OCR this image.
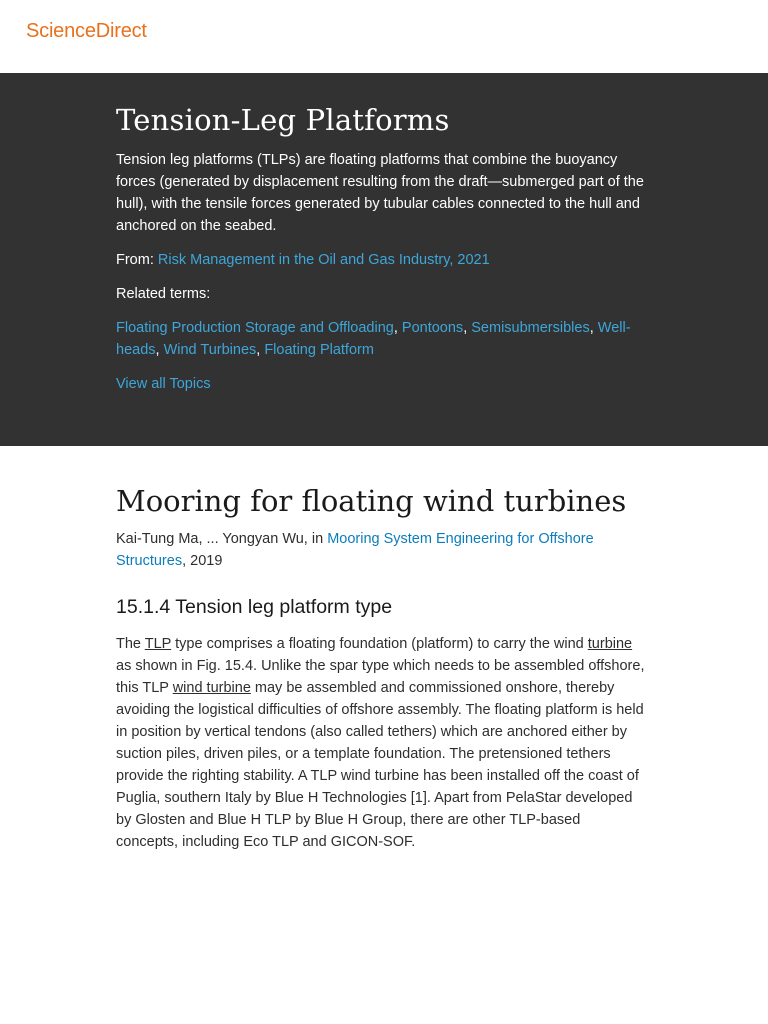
ScienceDirect
Tension-Leg Platforms

Tension leg platforms (TLPs) are floating platforms that combine the buoyancy forces (generated by displacement resulting from the draft—submerged part of the hull), with the tensile forces generated by tubular cables connected to the hull and anchored on the seabed.

From: Risk Management in the Oil and Gas Industry, 2021

Related terms:

Floating Production Storage and Offloading, Pontoons, Semisubmersibles, Well-heads, Wind Turbines, Floating Platform

View all Topics

Mooring for floating wind turbines

Kai-Tung Ma, ... Yongyan Wu, in Mooring System Engineering for Offshore Structures, 2019

15.1.4 Tension leg platform type

The TLP type comprises a floating foundation (platform) to carry the wind turbine as shown in Fig. 15.4. Unlike the spar type which needs to be assembled offshore, this TLP wind turbine may be assembled and commissioned onshore, thereby avoiding the logistical difficulties of offshore assembly. The floating platform is held in position by vertical tendons (also called tethers) which are anchored either by suction piles, driven piles, or a template foundation. The pretensioned tethers provide the righting stability. A TLP wind turbine has been installed off the coast of Puglia, southern Italy by Blue H Technologies [1]. Apart from PelaStar developed by Glosten and Blue H TLP by Blue H Group, there are other TLP-based concepts, including Eco TLP and GICON-SOF.
